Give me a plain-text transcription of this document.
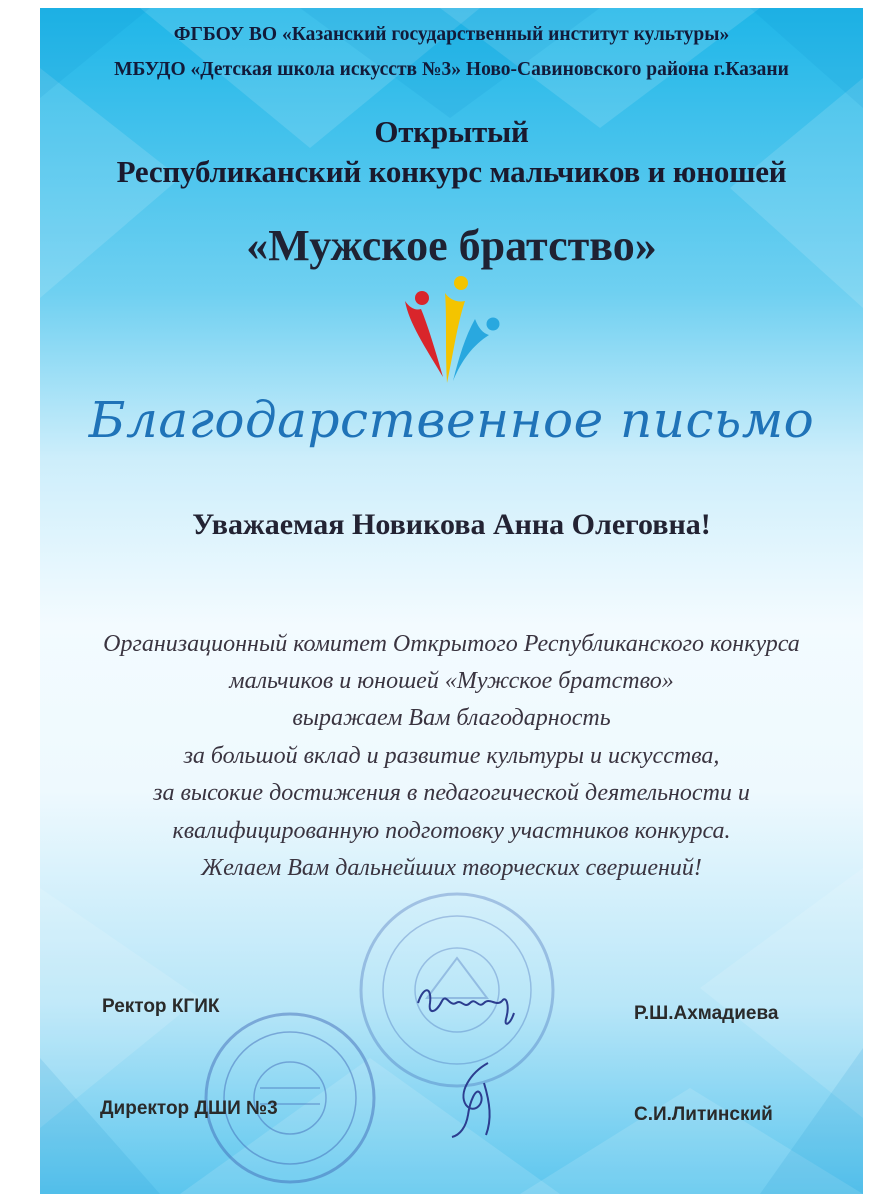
ФГБОУ ВО «Казанский государственный институт культуры»
МБУДО «Детская школа искусств №3» Ново-Савиновского района г.Казани
Открытый
Республиканский конкурс мальчиков и юношей
«Мужское братство»
Благодарственное письмо
Уважаемая Новикова Анна Олеговна!
Организационный комитет Открытого Республиканского конкурса
мальчиков и юношей «Мужское братство»
выражаем Вам благодарность
за большой вклад и развитие культуры и искусства,
за высокие достижения в педагогической деятельности и
квалифицированную подготовку участников конкурса.
Желаем Вам дальнейших творческих свершений!
Ректор КГИК	Р.Ш.Ахмадиева
Директор ДШИ №3	С.И.Литинский
